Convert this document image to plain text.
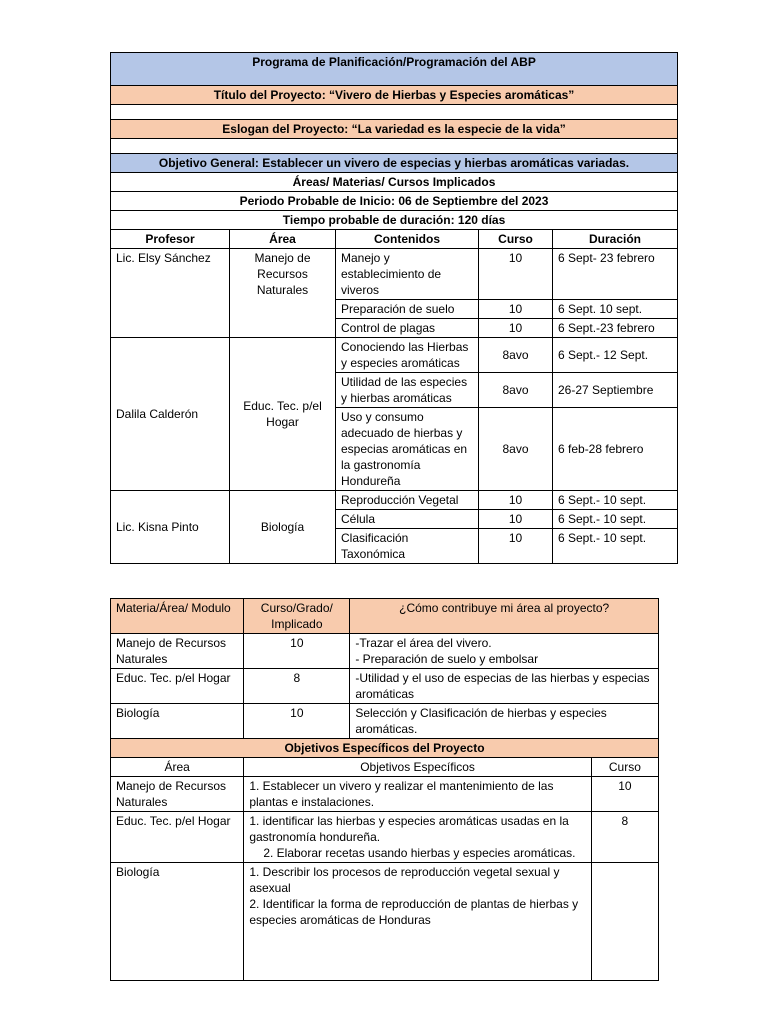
Programa de Planificación/Programación del ABP				
Título del Proyecto: “Vivero de Hierbas y Especies aromáticas”				

Eslogan del Proyecto: “La variedad es la especie de la vida”				

Objetivo General: Establecer un vivero de especias y hierbas aromáticas variadas.				
Áreas/ Materias/ Cursos Implicados				
Periodo Probable de Inicio: 06 de Septiembre del 2023				
Tiempo probable de duración: 120 días				
Profesor	Área	Contenidos	Curso	Duración
Lic. Elsy Sánchez	Manejo de Recursos Naturales	Manejo y establecimiento de viveros	10	6 Sept- 23 febrero
		Preparación de suelo	10	6 Sept. 10 sept.
		Control de plagas	10	6 Sept.-23 febrero
Dalila Calderón	Educ. Tec. p/el Hogar	Conociendo las Hierbas y especies aromáticas	8avo	6 Sept.- 12 Sept.
		Utilidad de las especies y hierbas aromáticas	8avo	26-27 Septiembre
		Uso y consumo adecuado de hierbas y especias aromáticas en la gastronomía Hondureña	8avo	6 feb-28 febrero
Lic. Kisna Pinto	Biología	Reproducción Vegetal	10	6 Sept.- 10 sept.
		Célula	10	6 Sept.- 10 sept.
		Clasificación Taxonómica	10	6 Sept.- 10 sept.
Materia/Área/ Modulo	Curso/Grado/ Implicado	¿Cómo contribuye mi área al proyecto?	
Manejo de Recursos Naturales	10	-Trazar el área del vivero.
- Preparación de suelo y embolsar	

Educ. Tec. p/el Hogar	8	-Utilidad y el uso de especias de las hierbas y especias aromáticas	

Biología	10	Selección y Clasificación de hierbas y especies aromáticas.	

Objetivos Específicos del Proyecto			
Área	Objetivos Específicos		Curso
Manejo de Recursos Naturales	1. Establecer un vivero y realizar el mantenimiento de las plantas e instalaciones.		10
Educ. Tec. p/el Hogar	1. identificar las hierbas y especies aromáticas usadas en la gastronomía hondureña.
2. Elaborar recetas usando hierbas y especies aromáticas.		8
Biología	1. Describir los procesos de reproducción vegetal sexual y asexual
2. Identificar la forma de reproducción de plantas de hierbas y especies aromáticas de Honduras		
